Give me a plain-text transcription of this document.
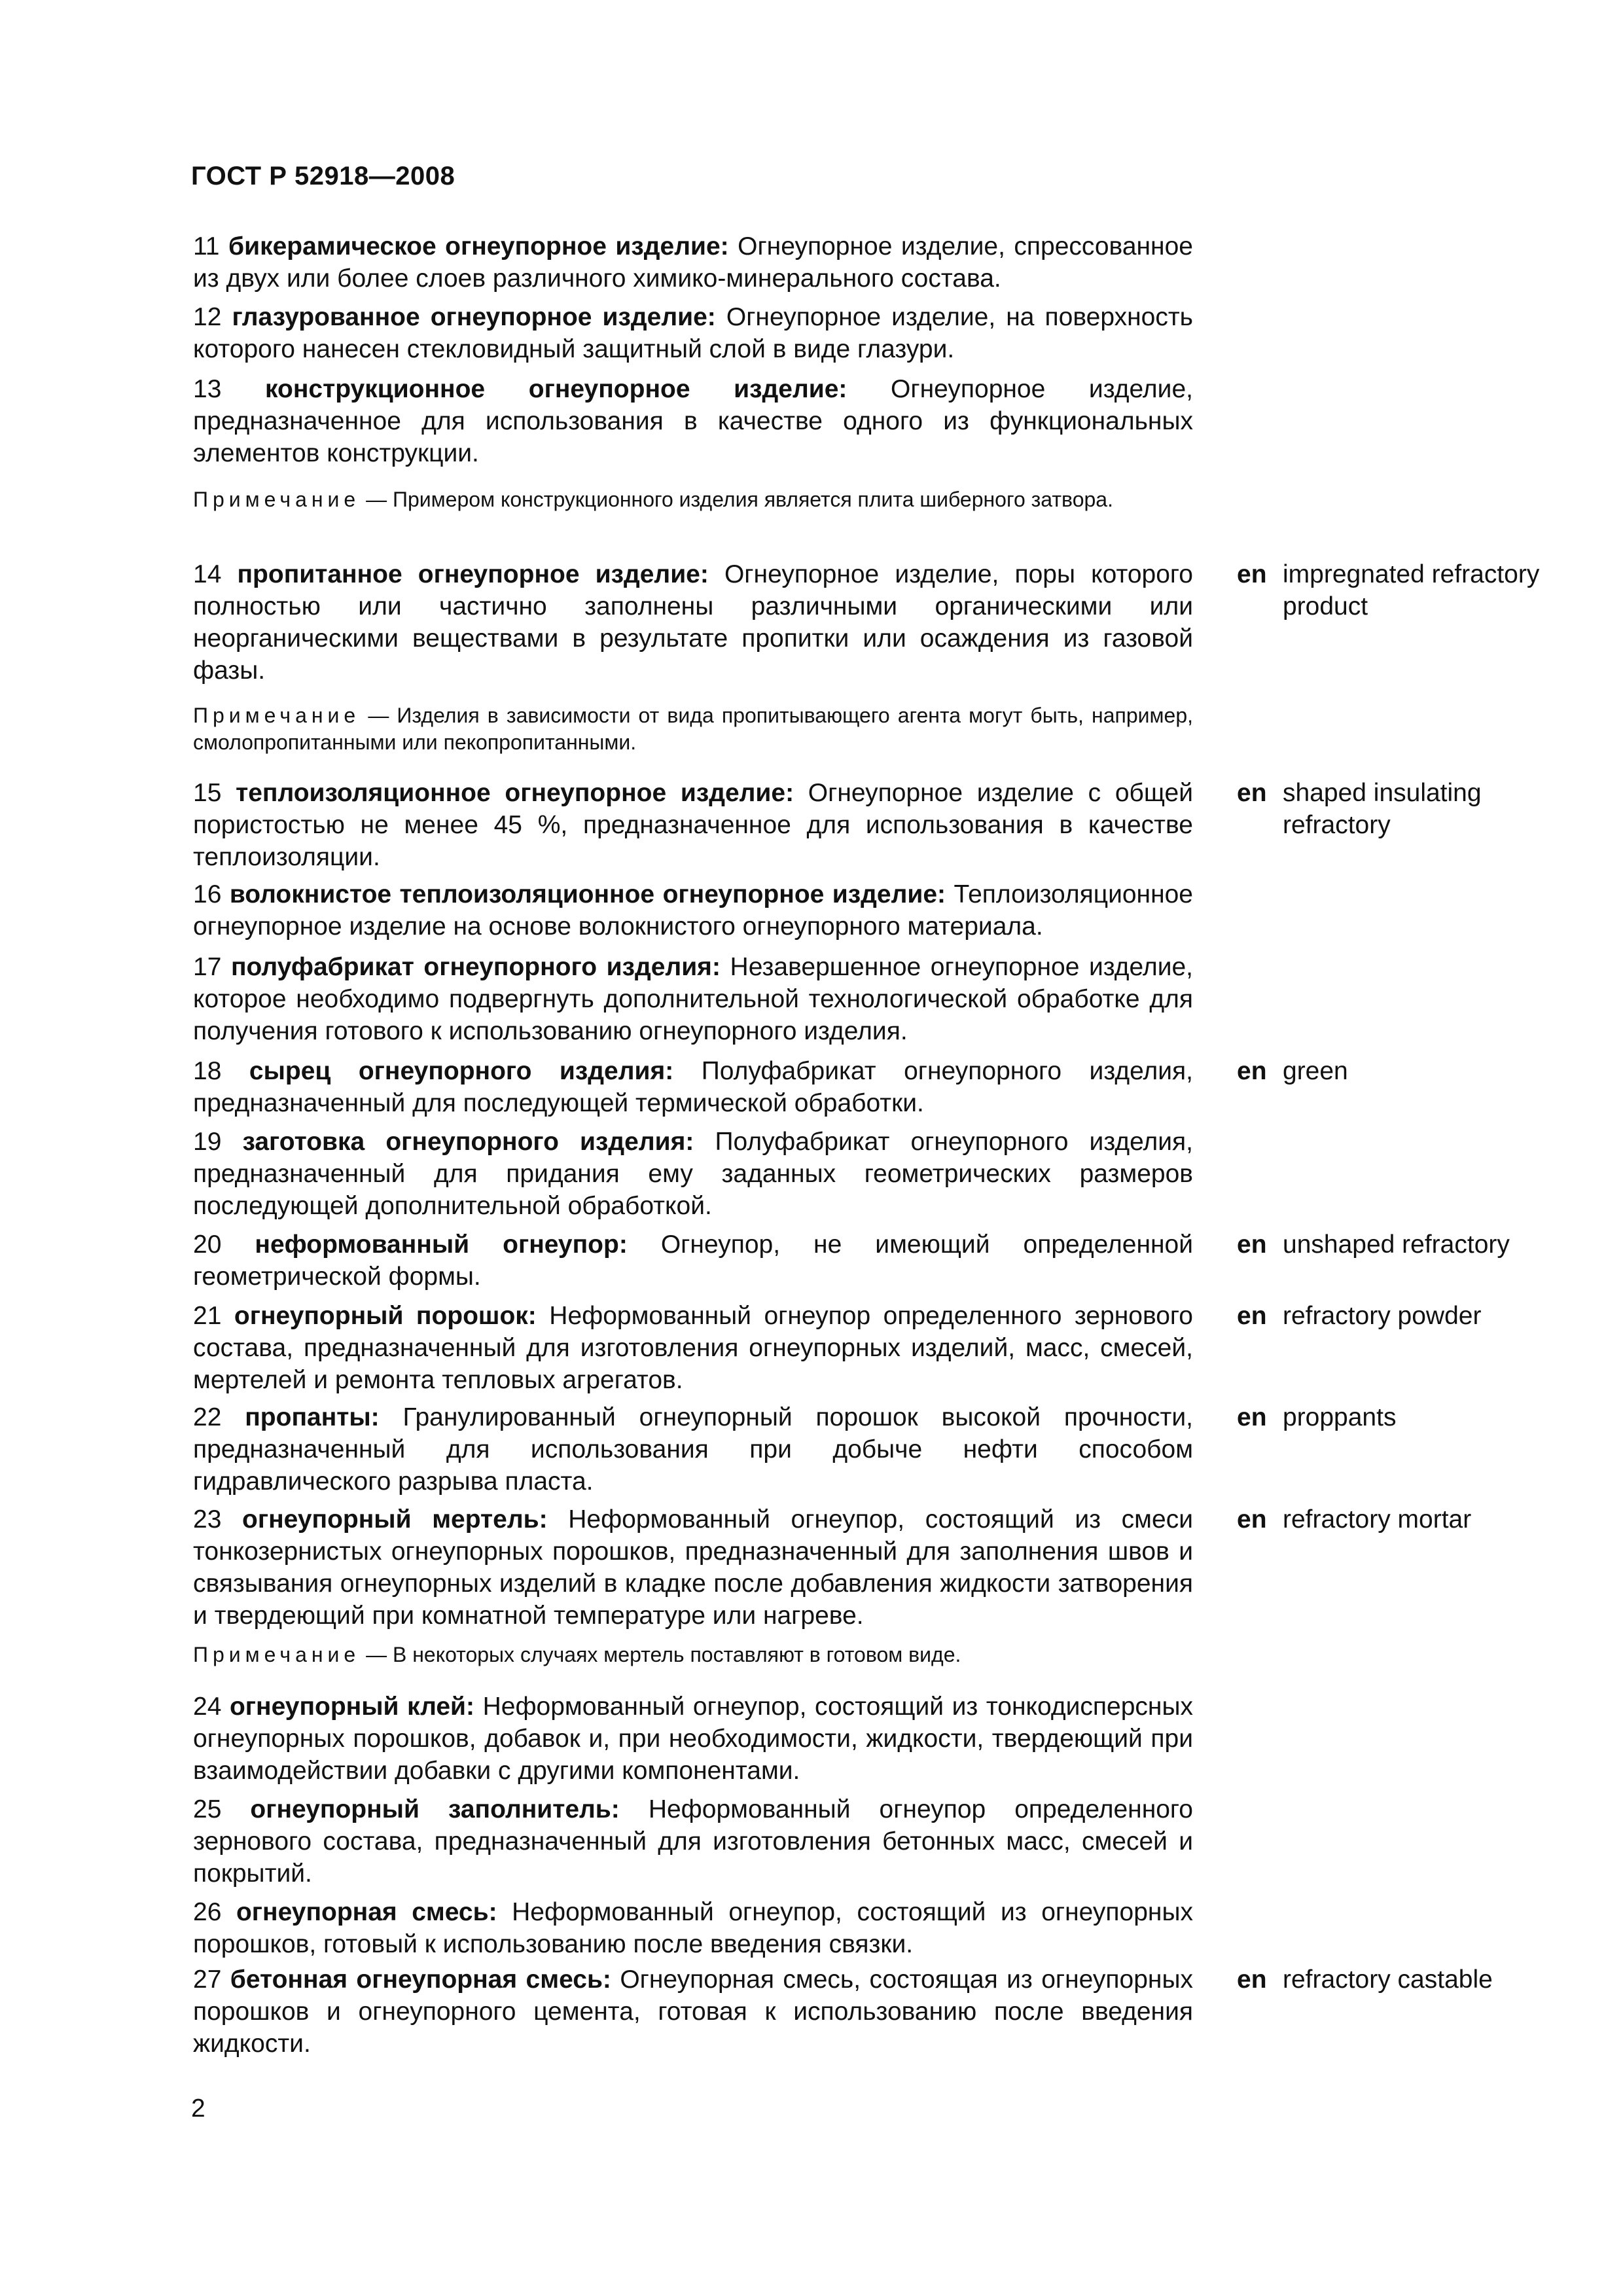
ГОСТ Р 52918—2008

11 бикерамическое огнеупорное изделие: Огнеупорное изделие, спрессованное из двух или более слоев различного химико-минерального состава.

12 глазурованное огнеупорное изделие: Огнеупорное изделие, на поверхность которого нанесен стекловидный защитный слой в виде глазури.

13 конструкционное огнеупорное изделие: Огнеупорное изделие, предназначенное для использования в качестве одного из функциональных элементов конструкции.

Примечание — Примером конструкционного изделия является плита шиберного затвора.

14 пропитанное огнеупорное изделие: Огнеупорное изделие, поры которого полностью или частично заполнены различными органическими или неорганическими веществами в результате пропитки или осаждения из газовой фазы.

en impregnated refractory product
Примечание — Изделия в зависимости от вида пропитывающего агента могут быть, например, смолопропитанными или пекопропитанными.

15 теплоизоляционное огнеупорное изделие: Огнеупорное изделие с общей пористостью не менее 45 %, предназначенное для использования в качестве теплоизоляции.

en shaped insulating refractory

16 волокнистое теплоизоляционное огнеупорное изделие: Теплоизоляционное огнеупорное изделие на основе волокнистого огнеупорного материала.

17 полуфабрикат огнеупорного изделия: Незавершенное огнеупорное изделие, которое необходимо подвергнуть дополнительной технологической обработке для получения готового к использованию огнеупорного изделия.

18 сырец огнеупорного изделия: Полуфабрикат огнеупорного изделия, предназначенный для последующей термической обработки.

en green

19 заготовка огнеупорного изделия: Полуфабрикат огнеупорного изделия, предназначенный для придания ему заданных геометрических размеров последующей дополнительной обработкой.

20 неформованный огнеупор: Огнеупор, не имеющий определенной геометрической формы.

en unshaped refractory

21 огнеупорный порошок: Неформованный огнеупор определенного зернового состава, предназначенный для изготовления огнеупорных изделий, масс, смесей, мертелей и ремонта тепловых агрегатов.

en refractory powder

22 пропанты: Гранулированный огнеупорный порошок высокой прочности, предназначенный для использования при добыче нефти способом гидравлического разрыва пласта.

en proppants

23 огнеупорный мертель: Неформованный огнеупор, состоящий из смеси тонкозернистых огнеупорных порошков, предназначенный для заполнения швов и связывания огнеупорных изделий в кладке после добавления жидкости затворения и твердеющий при комнатной температуре или нагреве.

en refractory mortar
Примечание — В некоторых случаях мертель поставляют в готовом виде.

24 огнеупорный клей: Неформованный огнеупор, состоящий из тонкодисперсных огнеупорных порошков, добавок и, при необходимости, жидкости, твердеющий при взаимодействии добавки с другими компонентами.

25 огнеупорный заполнитель: Неформованный огнеупор определенного зернового состава, предназначенный для изготовления бетонных масс, смесей и покрытий.

26 огнеупорная смесь: Неформованный огнеупор, состоящий из огнеупорных порошков, готовый к использованию после введения связки.

27 бетонная огнеупорная смесь: Огнеупорная смесь, состоящая из огнеупорных порошков и огнеупорного цемента, готовая к использованию после введения жидкости.

en refractory castable
2
